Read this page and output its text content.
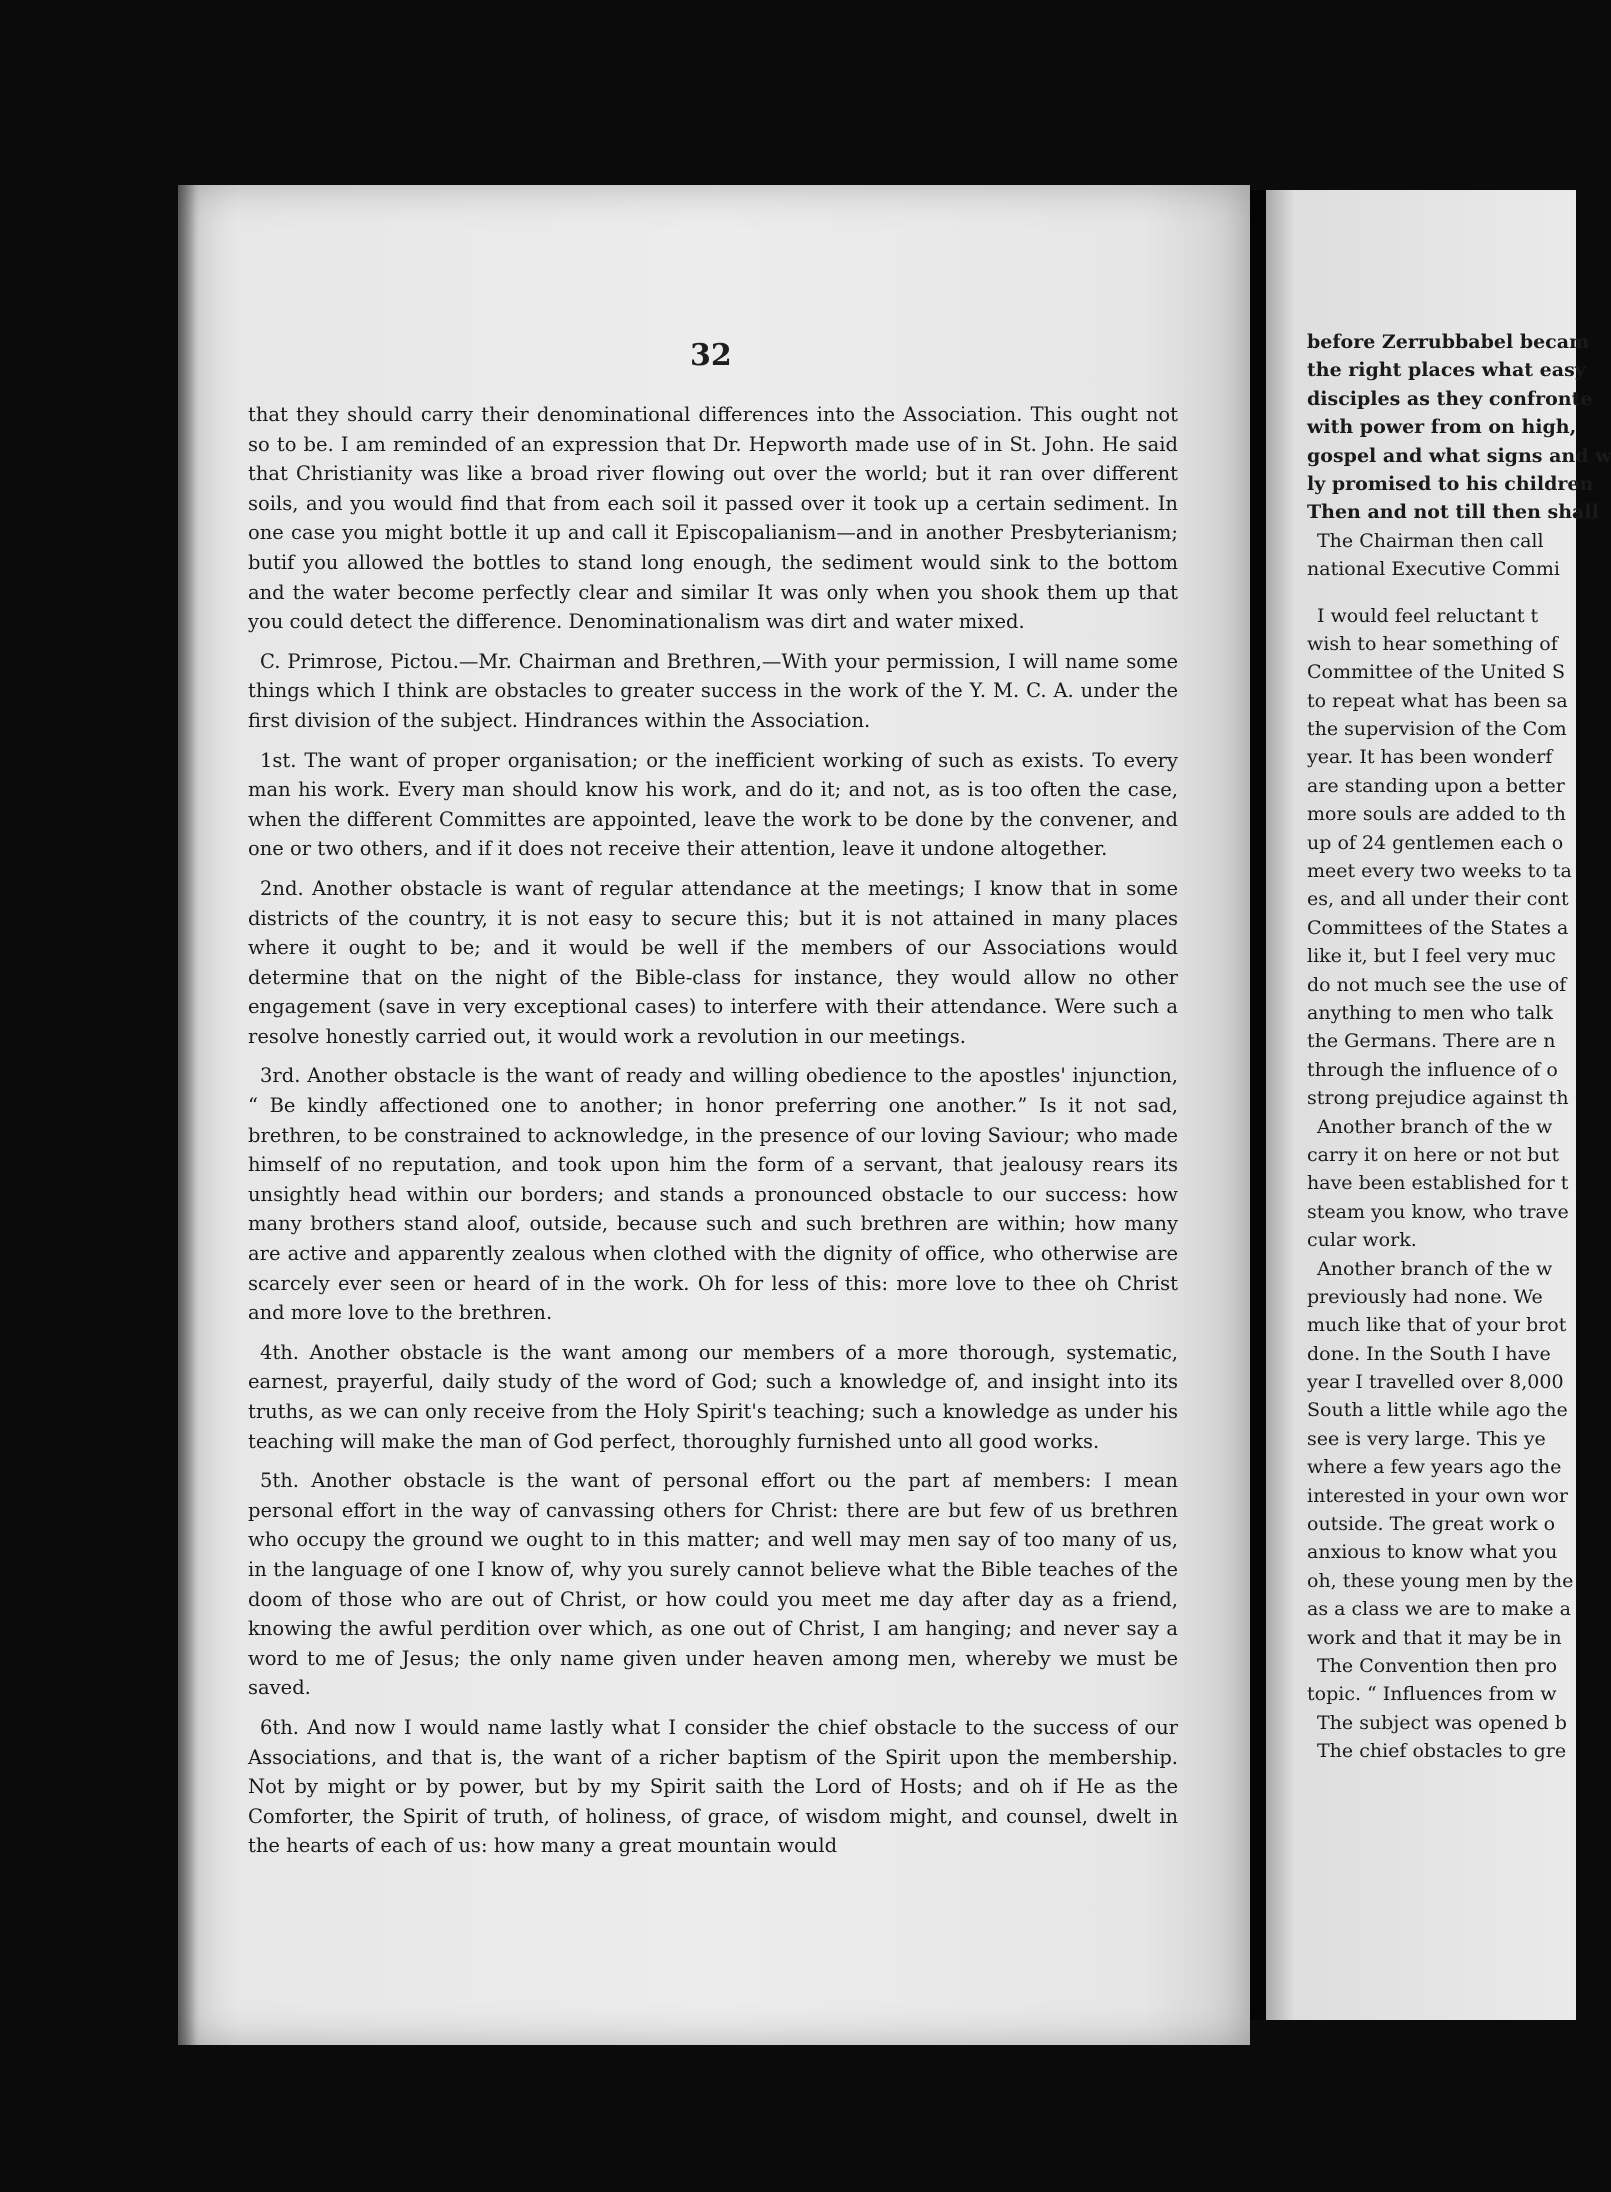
32

that they should carry their denominational differences into the Association. This ought not so to be. I am reminded of an expression that Dr. Hepworth made use of in St. John. He said that Christianity was like a broad river flowing out over the world; but it ran over different soils, and you would find that from each soil it passed over it took up a certain sediment. In one case you might bottle it up and call it Episcopalianism—and in another Presbyterianism; butif you allowed the bottles to stand long enough, the sediment would sink to the bottom and the water become perfectly clear and similar It was only when you shook them up that you could detect the difference. Denominationalism was dirt and water mixed.

C. Primrose, Pictou.—Mr. Chairman and Brethren,—With your permission, I will name some things which I think are obstacles to greater success in the work of the Y. M. C. A. under the first division of the subject. Hindrances within the Association.

1st. The want of proper organisation; or the inefficient working of such as exists. To every man his work. Every man should know his work, and do it; and not, as is too often the case, when the different Committes are appointed, leave the work to be done by the convener, and one or two others, and if it does not receive their attention, leave it undone altogether.

2nd. Another obstacle is want of regular attendance at the meetings; I know that in some districts of the country, it is not easy to secure this; but it is not attained in many places where it ought to be; and it would be well if the members of our Associations would determine that on the night of the Bible-class for instance, they would allow no other engagement (save in very exceptional cases) to interfere with their attendance. Were such a resolve honestly carried out, it would work a revolution in our meetings.

3rd. Another obstacle is the want of ready and willing obedience to the apostles' injunction, “ Be kindly affectioned one to another; in honor preferring one another.” Is it not sad, brethren, to be constrained to acknowledge, in the presence of our loving Saviour; who made himself of no reputation, and took upon him the form of a servant, that jealousy rears its unsightly head within our borders; and stands a pronounced obstacle to our success: how many brothers stand aloof, outside, because such and such brethren are within; how many are active and apparently zealous when clothed with the dignity of office, who otherwise are scarcely ever seen or heard of in the work. Oh for less of this: more love to thee oh Christ and more love to the brethren.

4th. Another obstacle is the want among our members of a more thorough, systematic, earnest, prayerful, daily study of the word of God; such a knowledge of, and insight into its truths, as we can only receive from the Holy Spirit's teaching; such a knowledge as under his teaching will make the man of God perfect, thoroughly furnished unto all good works.

5th. Another obstacle is the want of personal effort ou the part af members: I mean personal effort in the way of canvassing others for Christ: there are but few of us brethren who occupy the ground we ought to in this matter; and well may men say of too many of us, in the language of one I know of, why you surely cannot believe what the Bible teaches of the doom of those who are out of Christ, or how could you meet me day after day as a friend, knowing the awful perdition over which, as one out of Christ, I am hanging; and never say a word to me of Jesus; the only name given under heaven among men, whereby we must be saved.

6th. And now I would name lastly what I consider the chief obstacle to the success of our Associations, and that is, the want of a richer baptism of the Spirit upon the membership. Not by might or by power, but by my Spirit saith the Lord of Hosts; and oh if He as the Comforter, the Spirit of truth, of holiness, of grace, of wisdom might, and counsel, dwelt in the hearts of each of us: how many a great mountain would

before Zerrubbabel becam
the right places what easy
disciples as they confronte
with power from on high,
gospel and what signs and w
ly promised to his children
Then and not till then shall
The Chairman then call
national Executive Commi
I would feel reluctant t
wish to hear something of
Committee of the United S
to repeat what has been sa
the supervision of the Com
year. It has been wonderf
are standing upon a better
more souls are added to th
up of 24 gentlemen each o
meet every two weeks to ta
es, and all under their cont
Committees of the States a
like it, but I feel very muc
do not much see the use of
anything to men who talk
the Germans. There are n
through the influence of o
strong prejudice against th
Another branch of the w
carry it on here or not but
have been established for t
steam you know, who trave
cular work.
Another branch of the w
previously had none. We
much like that of your brot
done. In the South I have
year I travelled over 8,000
South a little while ago the
see is very large. This ye
where a few years ago the
interested in your own wor
outside. The great work o
anxious to know what you
oh, these young men by the
as a class we are to make a
work and that it may be in
The Convention then pro
topic. “ Influences from w
The subject was opened b
The chief obstacles to gre
